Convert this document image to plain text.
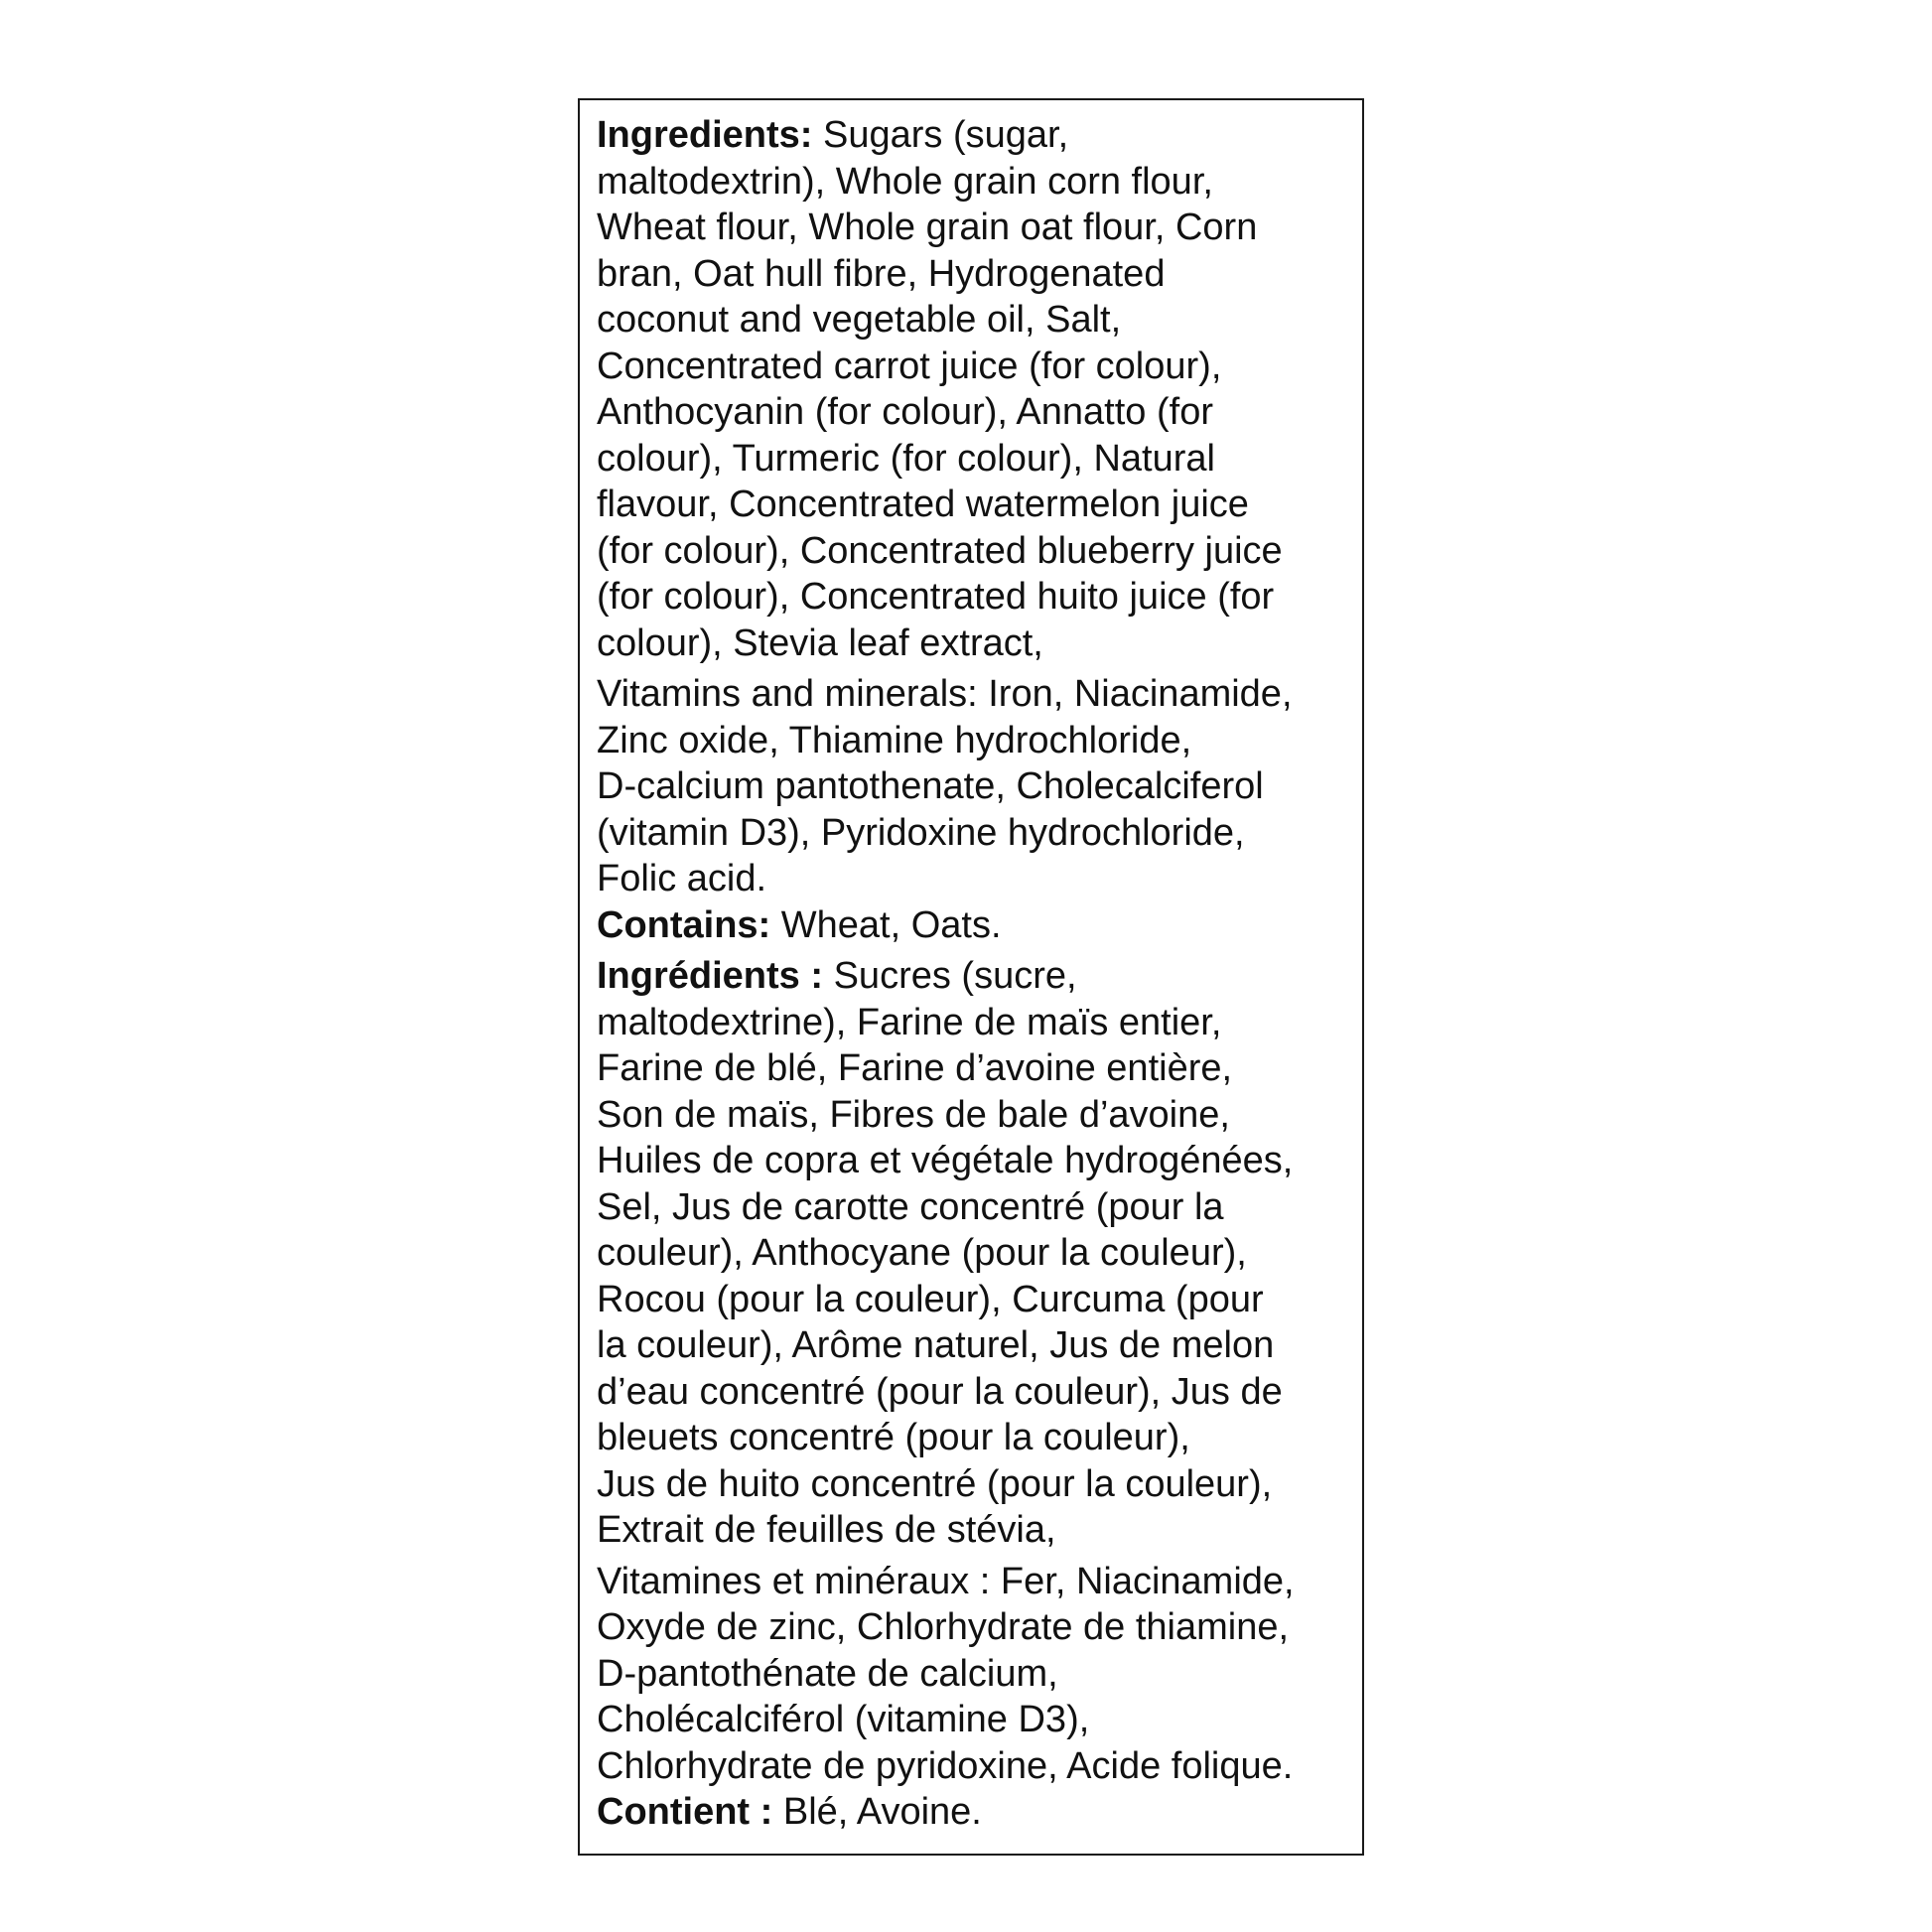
Ingredients: Sugars (sugar,
maltodextrin), Whole grain corn flour,
Wheat flour, Whole grain oat flour, Corn
bran, Oat hull fibre, Hydrogenated
coconut and vegetable oil, Salt,
Concentrated carrot juice (for colour),
Anthocyanin (for colour), Annatto (for
colour), Turmeric (for colour), Natural
flavour, Concentrated watermelon juice
(for colour), Concentrated blueberry juice
(for colour), Concentrated huito juice (for
colour), Stevia leaf extract,

Vitamins and minerals: Iron, Niacinamide,
Zinc oxide, Thiamine hydrochloride,
D-calcium pantothenate, Cholecalciferol
(vitamin D3), Pyridoxine hydrochloride,
Folic acid.

Contains: Wheat, Oats.

Ingrédients : Sucres (sucre,
maltodextrine), Farine de maïs entier,
Farine de blé, Farine d’avoine entière,
Son de maïs, Fibres de bale d’avoine,
Huiles de copra et végétale hydrogénées,
Sel, Jus de carotte concentré (pour la
couleur), Anthocyane (pour la couleur),
Rocou (pour la couleur), Curcuma (pour
la couleur), Arôme naturel, Jus de melon
d’eau concentré (pour la couleur), Jus de
bleuets concentré (pour la couleur),
Jus de huito concentré (pour la couleur),
Extrait de feuilles de stévia,

Vitamines et minéraux : Fer, Niacinamide,
Oxyde de zinc, Chlorhydrate de thiamine,
D-pantothénate de calcium,
Cholécalciférol (vitamine D3),
Chlorhydrate de pyridoxine, Acide folique.

Contient : Blé, Avoine.
